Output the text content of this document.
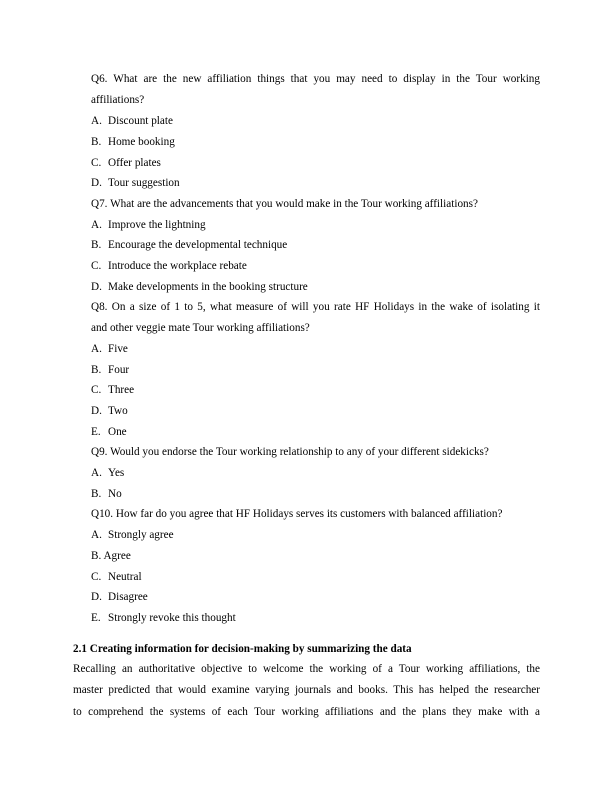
Q6. What are the new affiliation things that you may need to display in the Tour working
affiliations?
A. Discount plate
B. Home booking
C. Offer plates
D. Tour suggestion
Q7. What are the advancements that you would make in the Tour working affiliations?
A. Improve the lightning
B. Encourage the developmental technique
C. Introduce the workplace rebate
D. Make developments in the booking structure
Q8. On a size of 1 to 5, what measure of will you rate HF Holidays in the wake of isolating it
and other veggie mate Tour working affiliations?
A. Five
B. Four
C. Three
D. Two
E. One
Q9. Would you endorse the Tour working relationship to any of your different sidekicks?
A. Yes
B. No
Q10. How far do you agree that HF Holidays serves its customers with balanced affiliation?
A. Strongly agree
B. Agree
C. Neutral
D. Disagree
E. Strongly revoke this thought
2.1 Creating information for decision-making by summarizing the data
Recalling an authoritative objective to welcome the working of a Tour working affiliations, the
master predicted that would examine varying journals and books. This has helped the researcher
to comprehend the systems of each Tour working affiliations and the plans they make with a
